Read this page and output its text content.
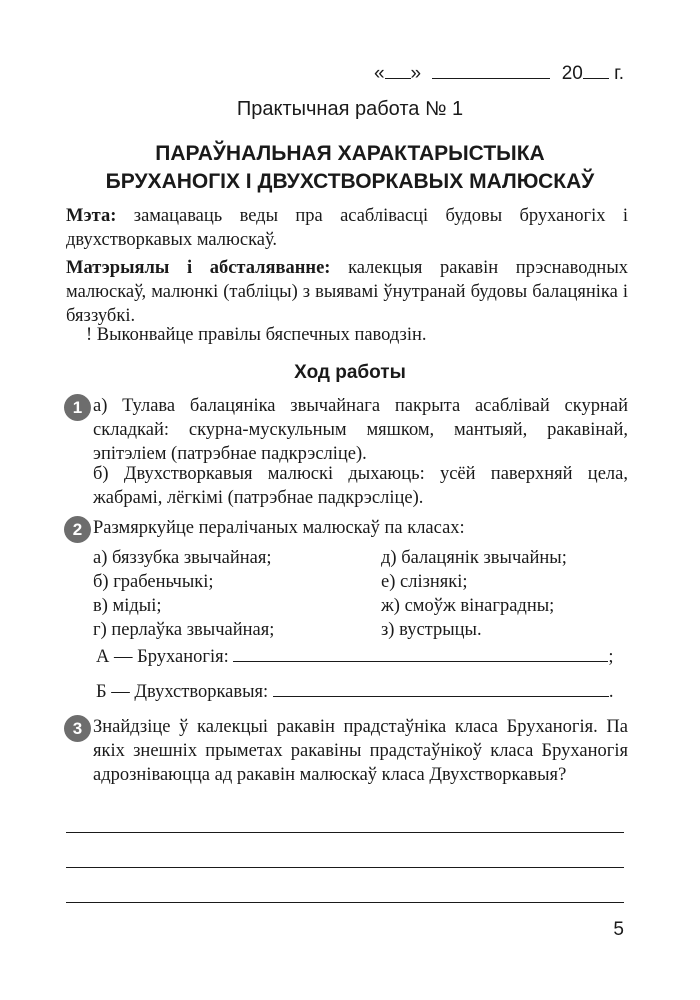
« »	20 г.
Практычная работа № 1
ПАРАЎНАЛЬНАЯ ХАРАКТАРЫСТЫКА
БРУХАНОГІХ І ДВУХСТВОРКАВЫХ МАЛЮСКАЎ
Мэта: замацаваць веды пра асаблівасці будовы бруханогіх і двухстворкавых малюскаў.
Матэрыялы і абсталяванне: калекцыя ракавін прэснаводных малюскаў, малюнкі (табліцы) з выявамі ўнутранай будовы балацяніка і бяззубкі.
! Выконвайце правілы бяспечных паводзін.
Ход работы
1 а) Тулава балацяніка звычайнага пакрыта асаблівай скурнай складкай: скурна-мускульным мяшком, мантыяй, ракавінай, эпітэліем (патрэбнае падкрэсліце).
б) Двухстворкавыя малюскі дыхаюць: усёй паверхняй цела, жабрамі, лёгкімі (патрэбнае падкрэсліце).
2 Размяркуйце пералічаных малюскаў па класах:
а) бяззубка звычайная;
б) грабеньчыкі;
в) мідыі;
г) перлаўка звычайная;
д) балацянік звычайны;
е) слізнякі;
ж) смоўж вінаградны;
з) вустрыцы.
А — Бруханогія:	;
Б — Двухстворкавыя:	.
3 Знайдзіце ў калекцыі ракавін прадстаўніка класа Бруханогія. Па якіх знешніх прыметах ракавіны прадстаўнікоў класа Бруханогія адрозніваюцца ад ракавін малюскаў класа Двухстворкавыя?
5
